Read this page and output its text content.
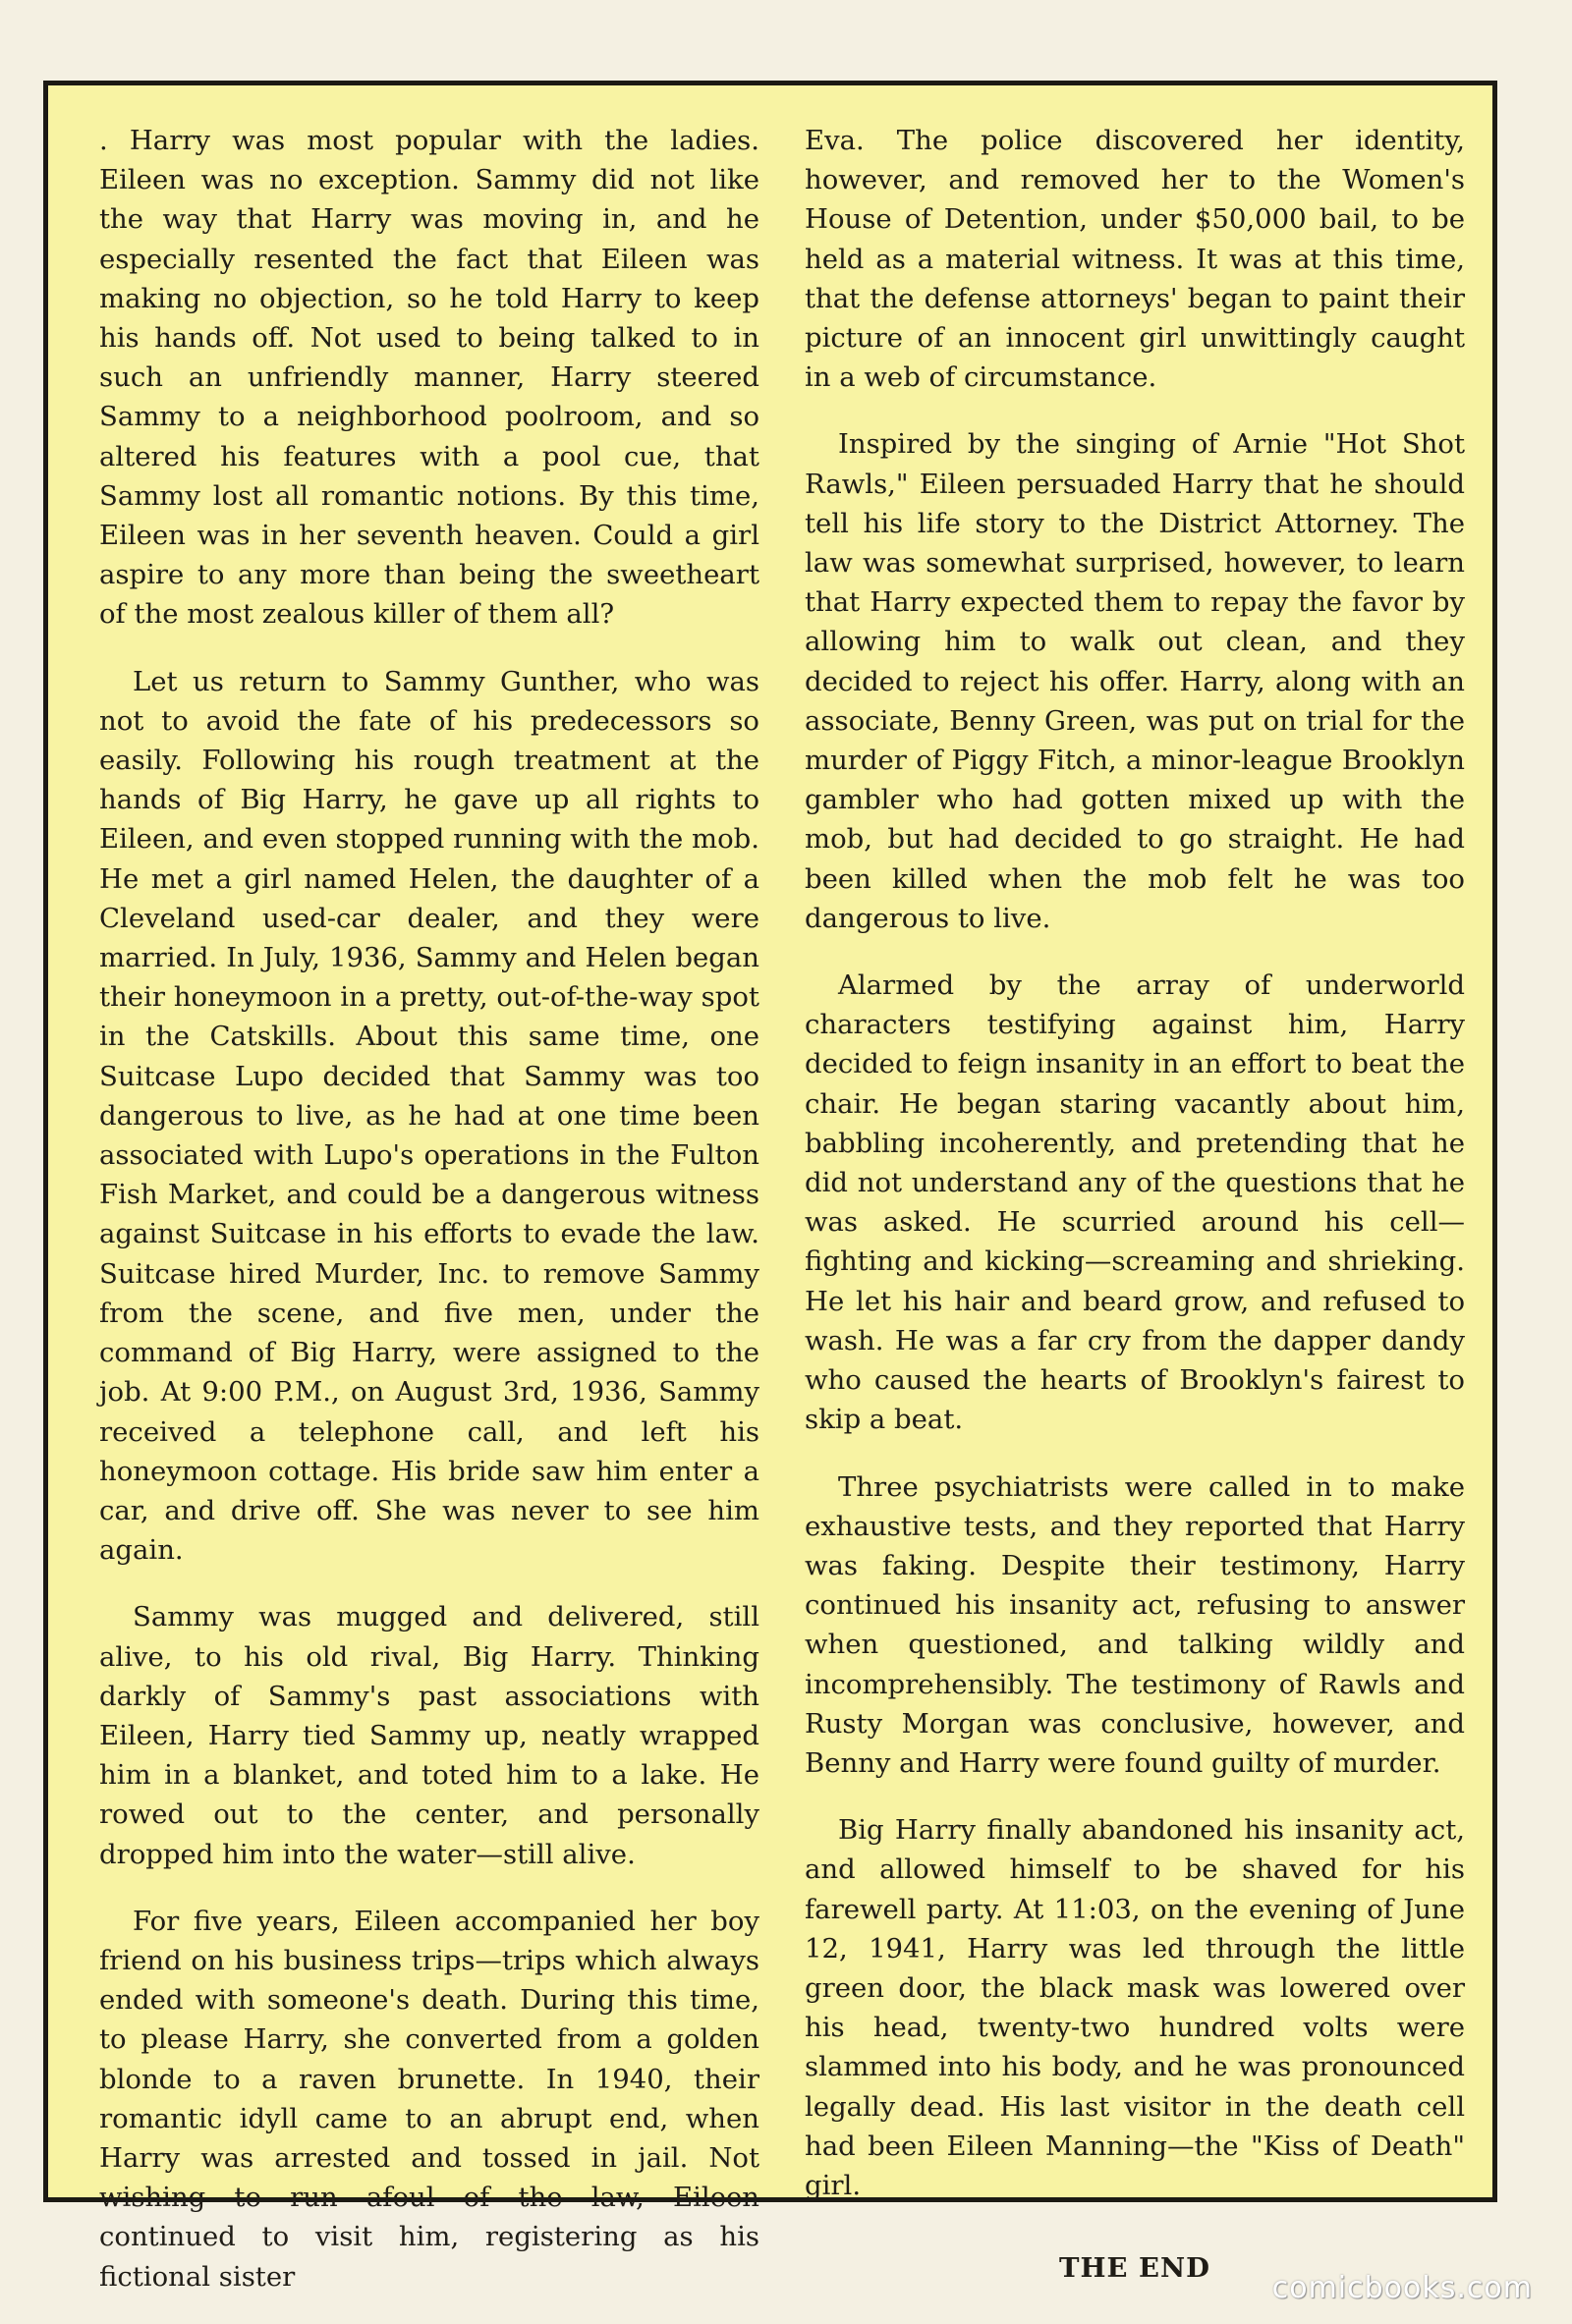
. Harry was most popular with the ladies. Eileen was no exception. Sammy did not like the way that Harry was moving in, and he especially resented the fact that Eileen was making no objection, so he told Harry to keep his hands off. Not used to being talked to in such an unfriendly manner, Harry steered Sammy to a neighborhood poolroom, and so altered his features with a pool cue, that Sammy lost all romantic notions. By this time, Eileen was in her seventh heaven. Could a girl aspire to any more than being the sweetheart of the most zealous killer of them all?

Let us return to Sammy Gunther, who was not to avoid the fate of his predecessors so easily. Following his rough treatment at the hands of Big Harry, he gave up all rights to Eileen, and even stopped running with the mob. He met a girl named Helen, the daughter of a Cleveland used-car dealer, and they were married. In July, 1936, Sammy and Helen began their honeymoon in a pretty, out-of-the-way spot in the Catskills. About this same time, one Suitcase Lupo decided that Sammy was too dangerous to live, as he had at one time been associated with Lupo's operations in the Fulton Fish Market, and could be a dangerous witness against Suitcase in his efforts to evade the law. Suitcase hired Murder, Inc. to remove Sammy from the scene, and five men, under the command of Big Harry, were assigned to the job. At 9:00 P.M., on August 3rd, 1936, Sammy received a telephone call, and left his honeymoon cottage. His bride saw him enter a car, and drive off. She was never to see him again.

Sammy was mugged and delivered, still alive, to his old rival, Big Harry. Thinking darkly of Sammy's past associations with Eileen, Harry tied Sammy up, neatly wrapped him in a blanket, and toted him to a lake. He rowed out to the center, and personally dropped him into the water—still alive.

For five years, Eileen accompanied her boy friend on his business trips—trips which always ended with someone's death. During this time, to please Harry, she converted from a golden blonde to a raven brunette. In 1940, their romantic idyll came to an abrupt end, when Harry was arrested and tossed in jail. Not wishing to run afoul of the law, Eileen continued to visit him, registering as his fictional sister

Eva. The police discovered her identity, however, and removed her to the Women's House of Detention, under $50,000 bail, to be held as a material witness. It was at this time, that the defense attorneys' began to paint their picture of an innocent girl unwittingly caught in a web of circumstance.

Inspired by the singing of Arnie "Hot Shot Rawls," Eileen persuaded Harry that he should tell his life story to the District Attorney. The law was somewhat surprised, however, to learn that Harry expected them to repay the favor by allowing him to walk out clean, and they decided to reject his offer. Harry, along with an associate, Benny Green, was put on trial for the murder of Piggy Fitch, a minor-league Brooklyn gambler who had gotten mixed up with the mob, but had decided to go straight. He had been killed when the mob felt he was too dangerous to live.

Alarmed by the array of underworld characters testifying against him, Harry decided to feign insanity in an effort to beat the chair. He began staring vacantly about him, babbling incoherently, and pretending that he did not understand any of the questions that he was asked. He scurried around his cell—fighting and kicking—screaming and shrieking. He let his hair and beard grow, and refused to wash. He was a far cry from the dapper dandy who caused the hearts of Brooklyn's fairest to skip a beat.

Three psychiatrists were called in to make exhaustive tests, and they reported that Harry was faking. Despite their testimony, Harry continued his insanity act, refusing to answer when questioned, and talking wildly and incomprehensibly. The testimony of Rawls and Rusty Morgan was conclusive, however, and Benny and Harry were found guilty of murder.

Big Harry finally abandoned his insanity act, and allowed himself to be shaved for his farewell party. At 11:03, on the evening of June 12, 1941, Harry was led through the little green door, the black mask was lowered over his head, twenty-two hundred volts were slammed into his body, and he was pronounced legally dead. His last visitor in the death cell had been Eileen Manning—the "Kiss of Death" girl.

THE END

comicbooks.com
